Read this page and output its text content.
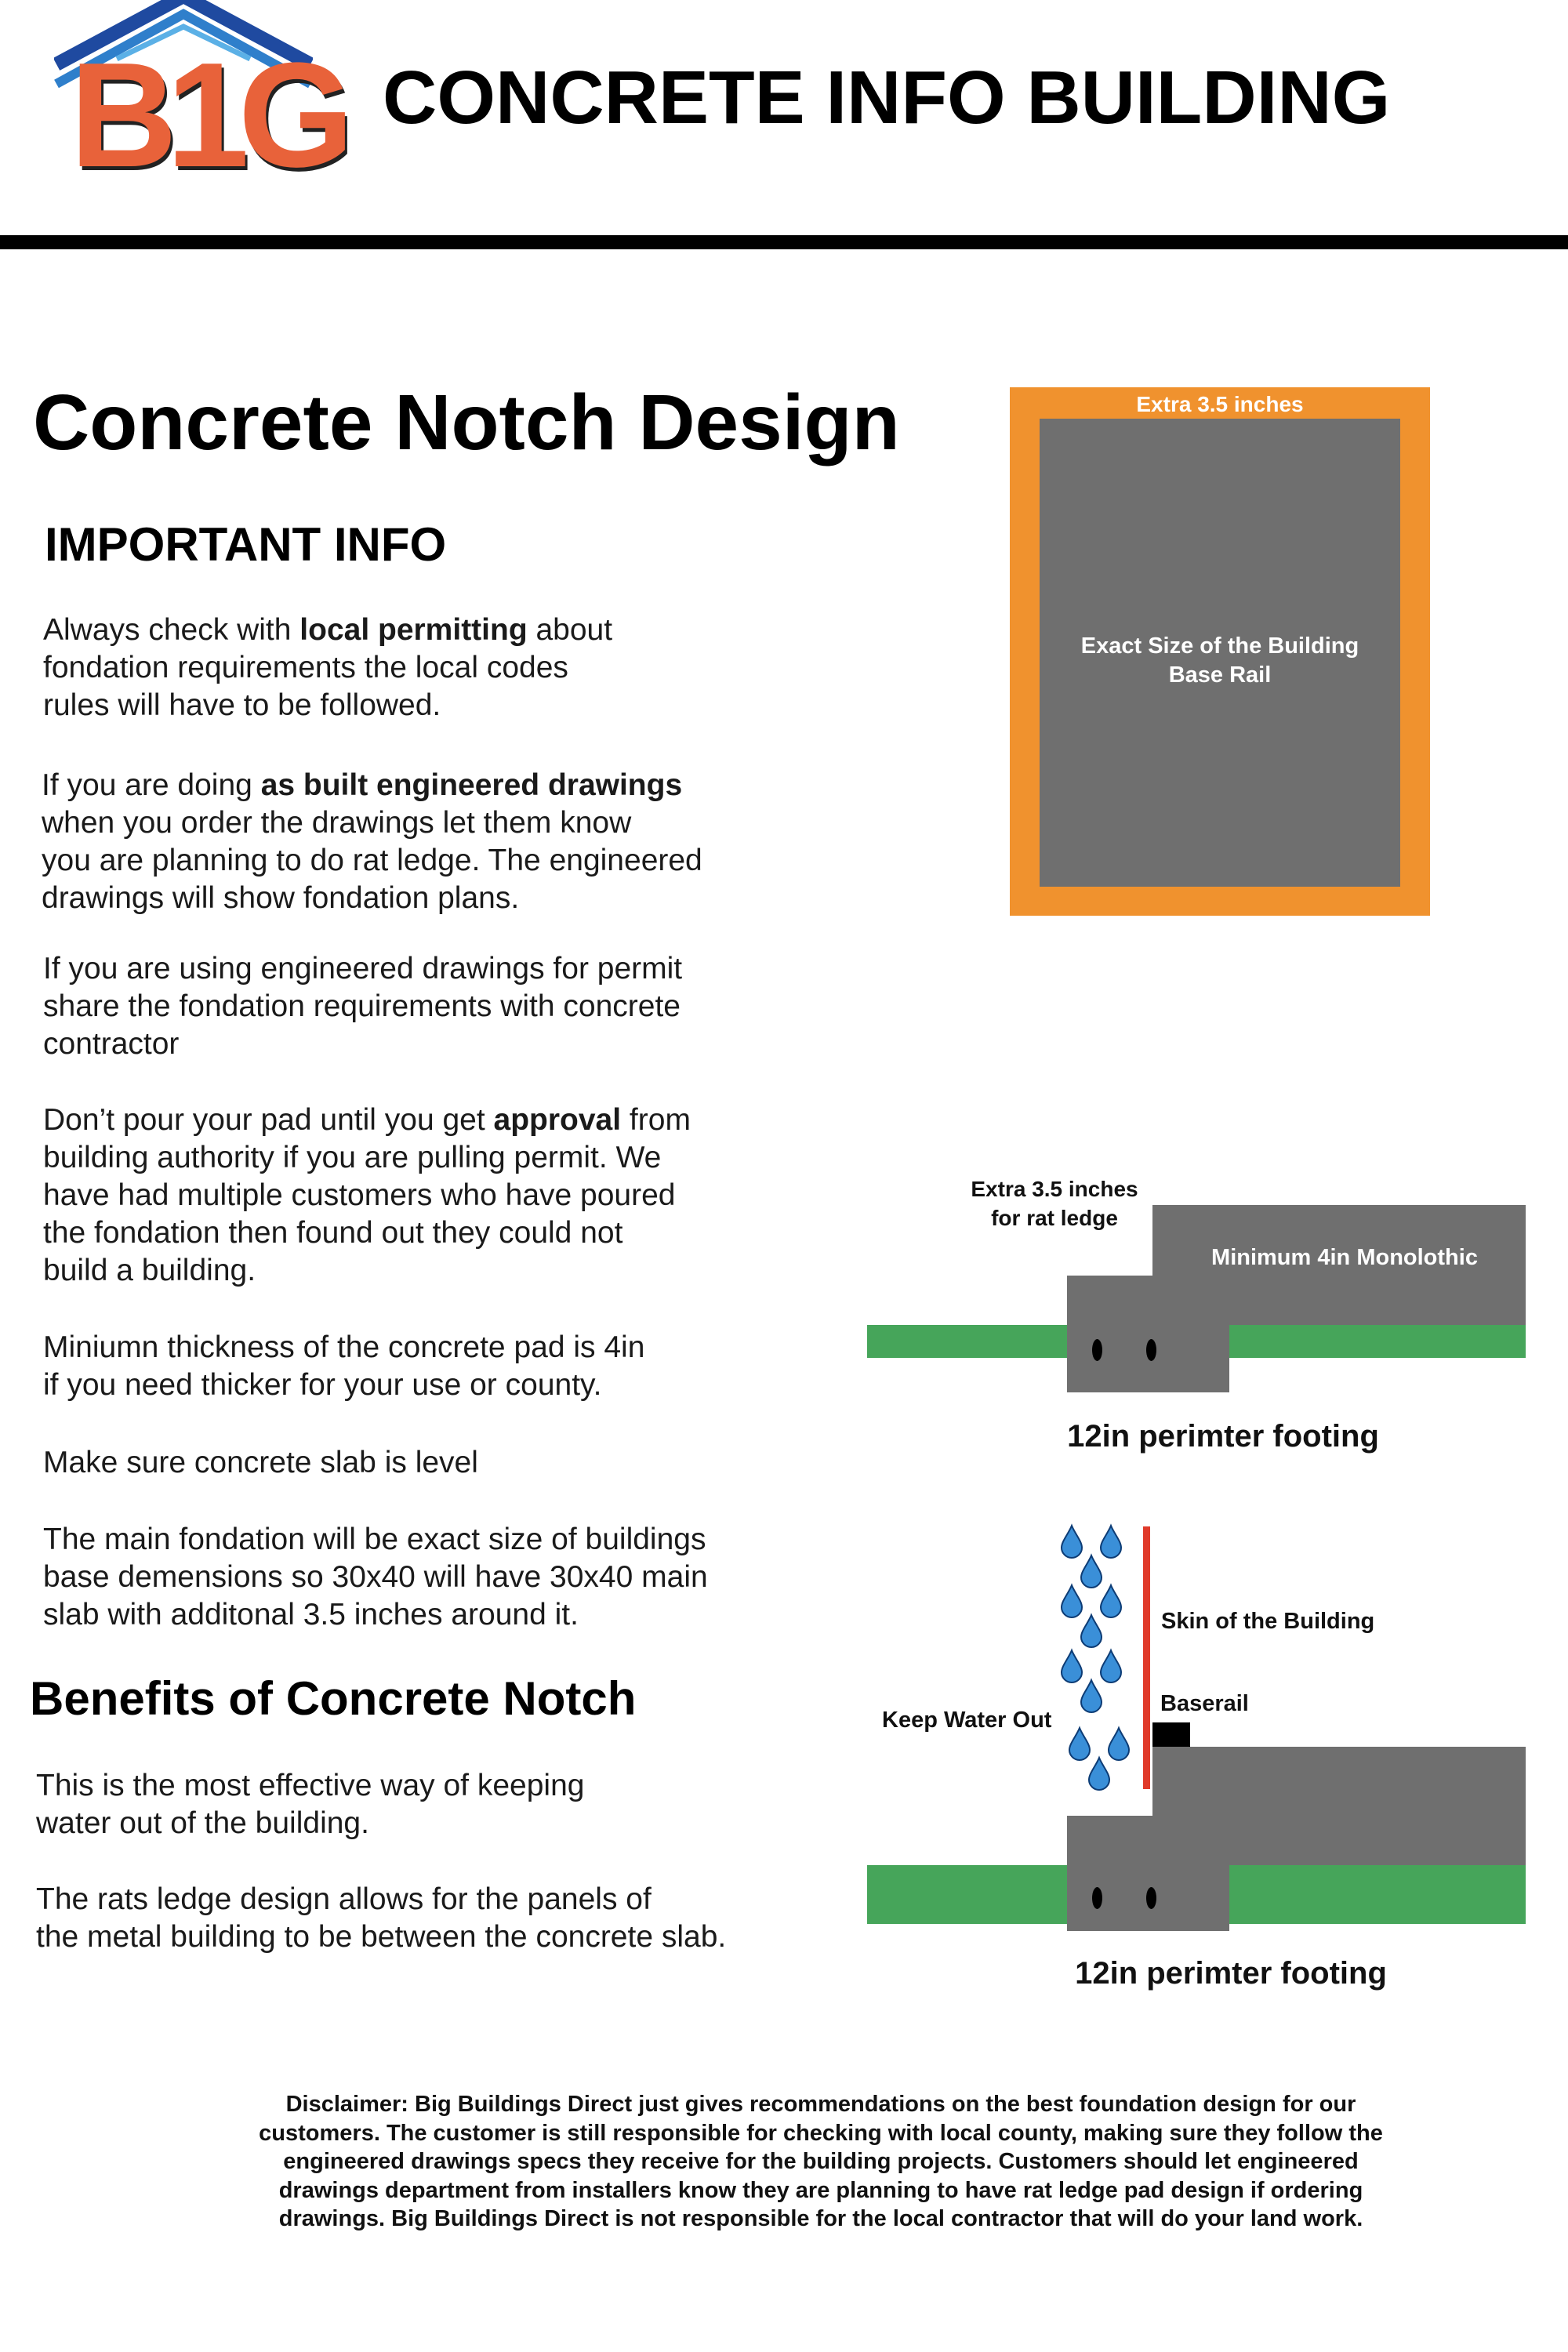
B1G CONCRETE INFO BUILDING
Concrete Notch Design
IMPORTANT INFO
Always check with local permitting about
fondation requirements the local codes
rules will have to be followed.
If you are doing as built engineered drawings
when you order the drawings let them know
you are planning to do rat ledge. The engineered
drawings will show fondation plans.
If you are using engineered drawings for permit
share the fondation requirements with concrete
contractor
Don’t pour your pad until you get approval from
building authority if you are pulling permit. We
have had multiple customers who have poured
the fondation then found out they could not
build a building.
Miniumn thickness of the concrete pad is 4in
if you need thicker for your use or county.
Make sure concrete slab is level
The main fondation will be exact size of buildings
base demensions so 30x40 will have 30x40 main
slab with additonal 3.5 inches around it.
Benefits of Concrete Notch
This is the most effective way of keeping
water out of the building.
The rats ledge design allows for the panels of
the metal building to be between the concrete slab.
Extra 3.5 inches
Exact Size of the Building
Base Rail
Extra 3.5 inches
for rat ledge
Minimum 4in Monolothic
12in perimter footing
Skin of the Building
Baserail
Keep Water Out
12in perimter footing
Disclaimer: Big Buildings Direct just gives recommendations on the best foundation design for our
customers. The customer is still responsible for checking with local county, making sure they follow the
engineered drawings specs they receive for the building projects. Customers should let engineered
drawings department from installers know they are planning to have rat ledge pad design if ordering
drawings. Big Buildings Direct is not responsible for the local contractor that will do your land work.
